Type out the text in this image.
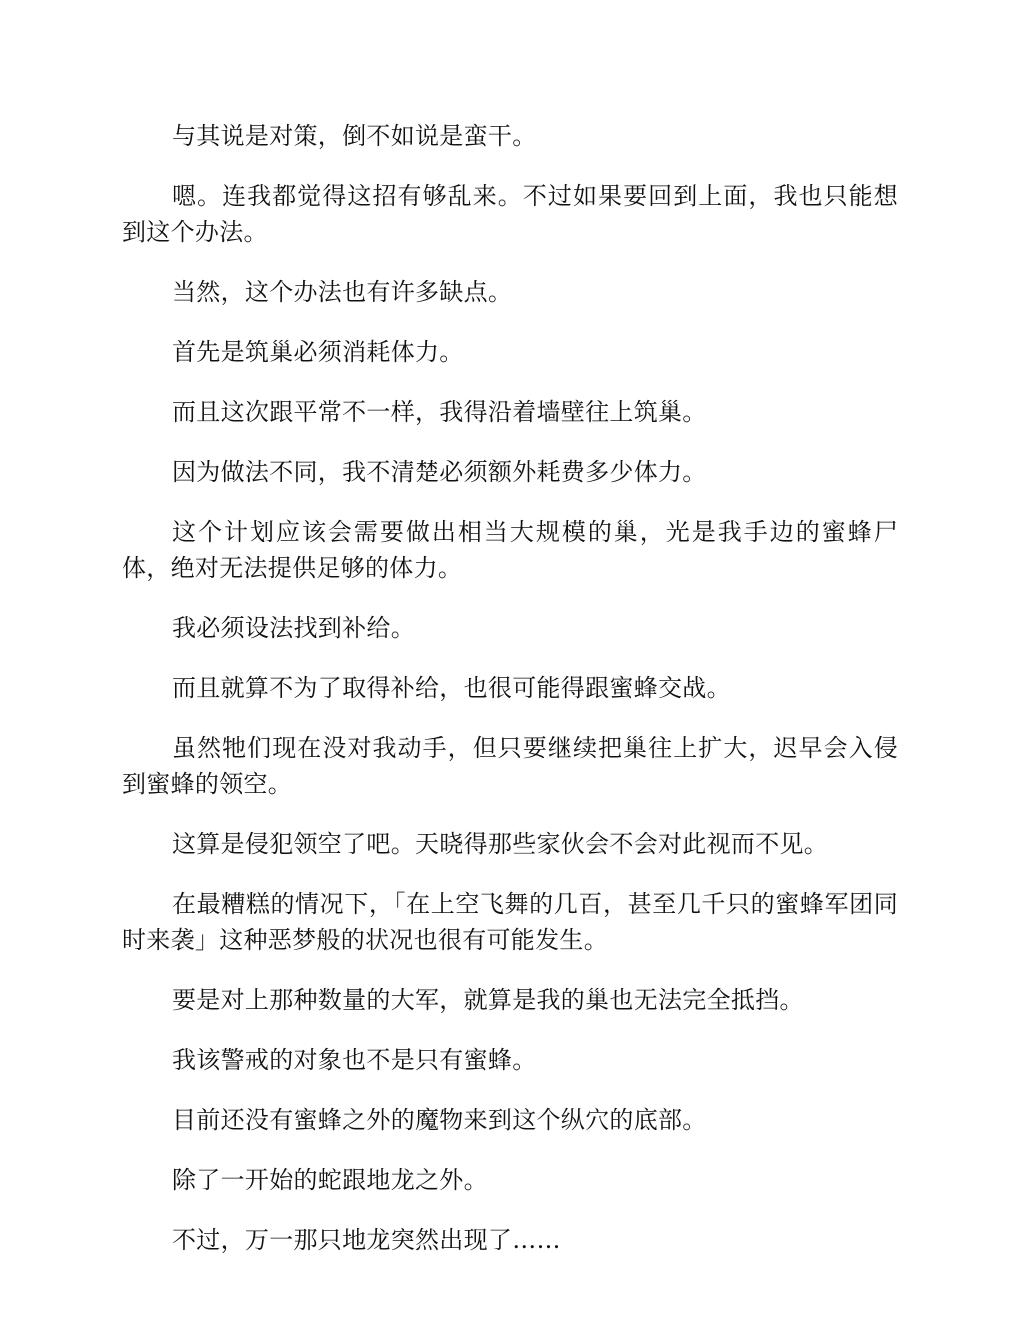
与其说是对策，倒不如说是蛮干。

嗯。连我都觉得这招有够乱来。不过如果要回到上面，我也只能想到这个办法。

当然，这个办法也有许多缺点。

首先是筑巢必须消耗体力。

而且这次跟平常不一样，我得沿着墙壁往上筑巢。

因为做法不同，我不清楚必须额外耗费多少体力。

这个计划应该会需要做出相当大规模的巢，光是我手边的蜜蜂尸体，绝对无法提供足够的体力。

我必须设法找到补给。

而且就算不为了取得补给，也很可能得跟蜜蜂交战。

虽然牠们现在没对我动手，但只要继续把巢往上扩大，迟早会入侵到蜜蜂的领空。

这算是侵犯领空了吧。天晓得那些家伙会不会对此视而不见。

在最糟糕的情况下，「在上空飞舞的几百，甚至几千只的蜜蜂军团同时来袭」这种恶梦般的状况也很有可能发生。

要是对上那种数量的大军，就算是我的巢也无法完全抵挡。

我该警戒的对象也不是只有蜜蜂。

目前还没有蜜蜂之外的魔物来到这个纵穴的底部。

除了一开始的蛇跟地龙之外。

不过，万一那只地龙突然出现了……
